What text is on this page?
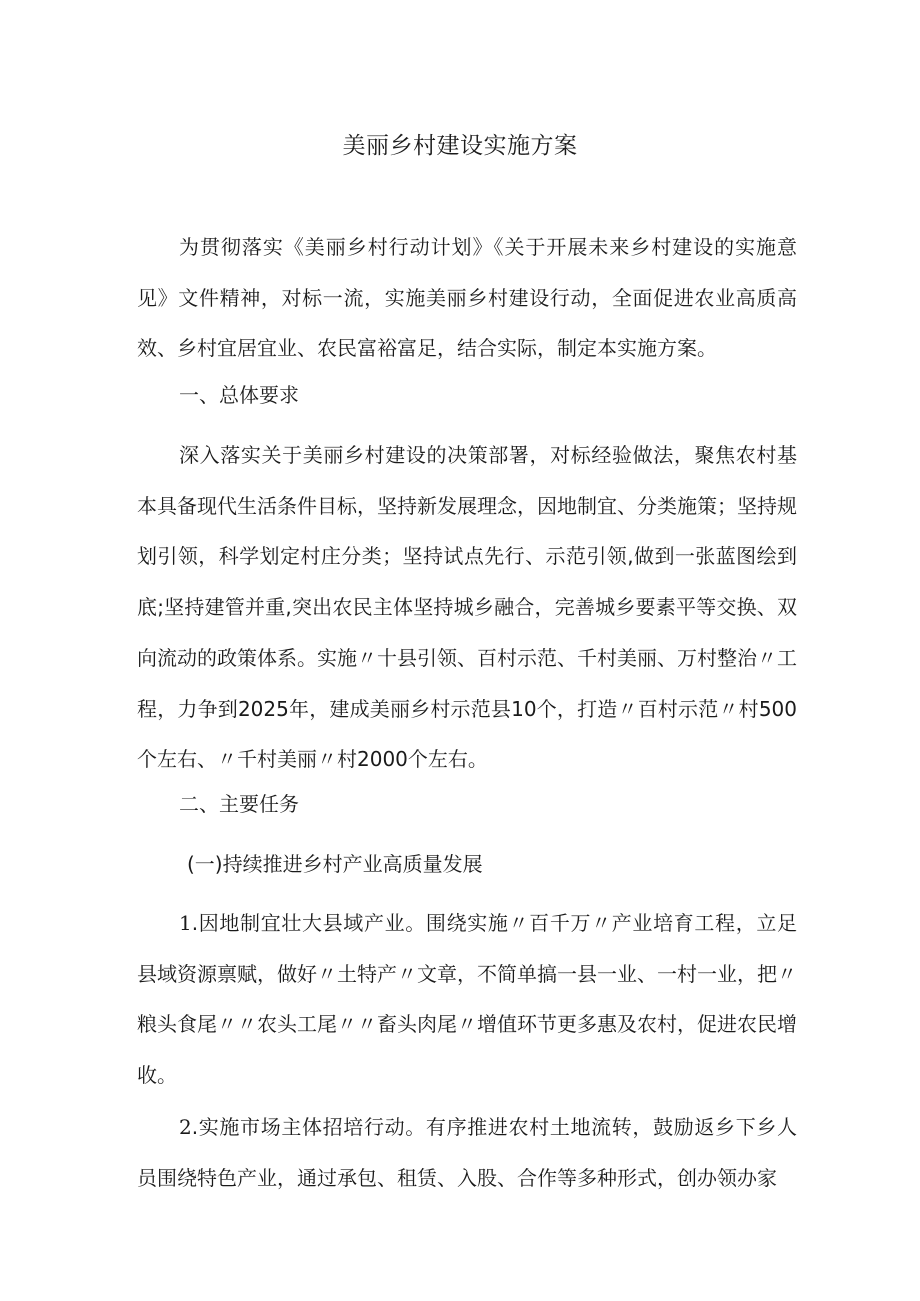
美丽乡村建设实施方案

为贯彻落实《美丽乡村行动计划》《关于开展未来乡村建设的实施意见》文件精神，对标一流，实施美丽乡村建设行动，全面促进农业高质高效、乡村宜居宜业、农民富裕富足，结合实际，制定本实施方案。

一、总体要求

深入落实关于美丽乡村建设的决策部署，对标经验做法，聚焦农村基本具备现代生活条件目标，坚持新发展理念，因地制宜、分类施策；坚持规划引领，科学划定村庄分类；坚持试点先行、示范引领,做到一张蓝图绘到底;坚持建管并重,突出农民主体坚持城乡融合，完善城乡要素平等交换、双向流动的政策体系。实施〃十县引领、百村示范、千村美丽、万村整治〃工程，力争到2025年，建成美丽乡村示范县10个，打造〃百村示范〃村500个左右、〃千村美丽〃村2000个左右。

二、主要任务
(一)持续推进乡村产业高质量发展

1.因地制宜壮大县域产业。围绕实施〃百千万〃产业培育工程，立足县域资源禀赋，做好〃土特产〃文章，不简单搞一县一业、一村一业，把〃粮头食尾〃〃农头工尾〃〃畜头肉尾〃增值环节更多惠及农村，促进农民增收。

2.实施市场主体招培行动。有序推进农村土地流转，鼓励返乡下乡人员围绕特色产业，通过承包、租赁、入股、合作等多种形式，创办领办家
